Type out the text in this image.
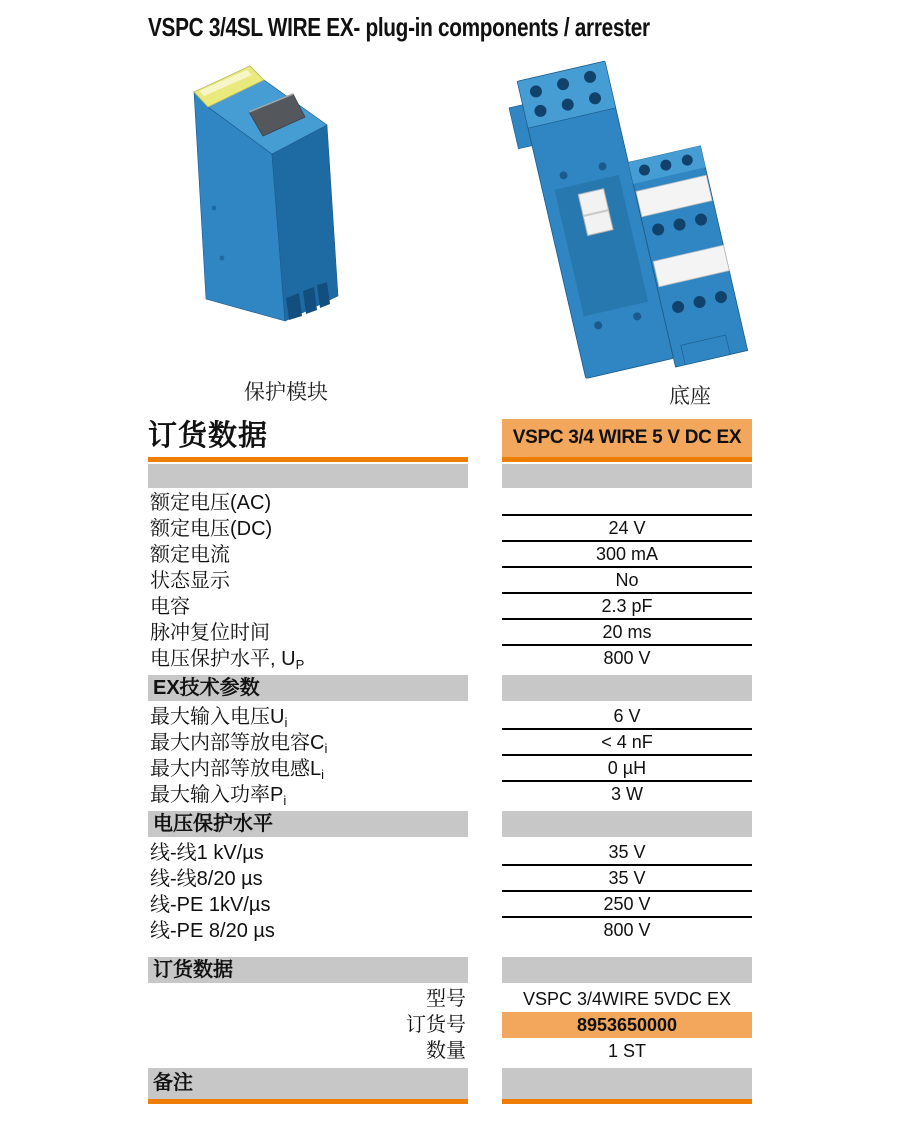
VSPC 3/4SL WIRE EX- plug-in components / arrester
保护模块	底座
订货数据	VSPC 3/4 WIRE 5 V DC EX
额定电压(AC)
额定电压(DC)	24 V
额定电流	300 mA
状态显示	No
电容	2.3 pF
脉冲复位时间	20 ms
电压保护水平, $U_P$	800 V
EX技术参数
最大输入电压$U_i$	6 V
最大内部等放电容$C_i$	< 4 nF
最大内部等放电感$L_i$	0 µH
最大输入功率$P_i$	3 W
电压保护水平
线-线1 kV/µs	35 V
线-线8/20 µs	35 V
线-PE 1kV/µs	250 V
线-PE 8/20 µs	800 V
订货数据
型号	VSPC 3/4WIRE 5VDC EX
订货号	8953650000
数量	1 ST
备注
